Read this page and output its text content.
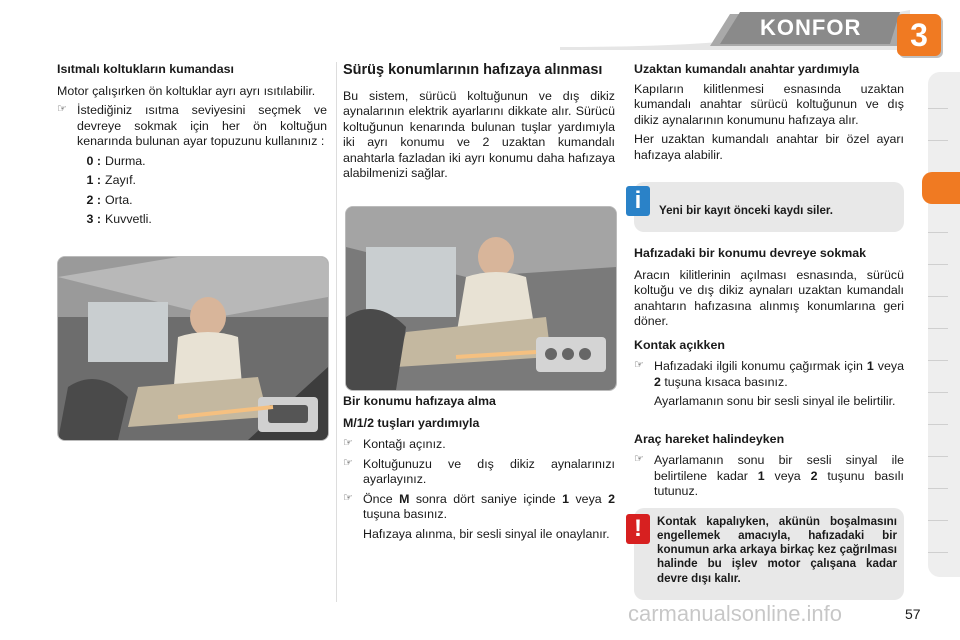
KONFOR	3
Isıtmalı koltukların kumandası

Motor çalışırken ön koltuklar ayrı ayrı ısıtılabilir.

☞ İstediğiniz ısıtma seviyesini seçmek ve devreye sokmak için her ön koltuğun kenarında bulunan ayar topuzunu kullanınız :
0 : Durma.
1 : Zayıf.
2 : Orta.
3 : Kuvvetli.
Sürüş konumlarının hafızaya alınması

Bu sistem, sürücü koltuğunun ve dış dikiz aynalarının elektrik ayarlarını dikkate alır. Sürücü koltuğunun kenarında bulunan tuşlar yardımıyla iki ayrı konumu ve 2 uzaktan kumandalı anahtarla fazladan iki ayrı konumu daha hafızaya alabilmenizi sağlar.

Bir konumu hafızaya alma
M/1/2 tuşları yardımıyla
☞ Kontağı açınız.
☞ Koltuğunuzu ve dış dikiz aynalarınızı ayarlayınız.
☞ Önce M sonra dört saniye içinde 1 veya 2 tuşuna basınız.

Hafızaya alınma, bir sesli sinyal ile onaylanır.

Uzaktan kumandalı anahtar yardımıyla

Kapıların kilitlenmesi esnasında uzaktan kumandalı anahtar sürücü koltuğunun ve dış dikiz aynalarının konumunu hafızaya alır.

Her uzaktan kumandalı anahtar bir özel ayarı hafızaya alabilir.

i	Yeni bir kayıt önceki kaydı siler.
Hafızadaki bir konumu devreye sokmak

Aracın kilitlerinin açılması esnasında, sürücü koltuğu ve dış dikiz aynaları uzaktan kumandalı anahtarın hafızasına alınmış konumlarına geri döner.

Kontak açıkken
☞ Hafızadaki ilgili konumu çağırmak için 1 veya 2 tuşuna kısaca basınız.

Ayarlamanın sonu bir sesli sinyal ile belirtilir.

Araç hareket halindeyken
☞ Ayarlamanın sonu bir sesli sinyal ile belirtilene kadar 1 veya 2 tuşunu basılı tutunuz.
!	Kontak kapalıyken, akünün boşalmasını engellemek amacıyla, hafızadaki bir konumun arka arkaya birkaç kez çağrılması halinde bu işlev motor çalışana kadar devre dışı kalır.
57
carmanualsonline.info
